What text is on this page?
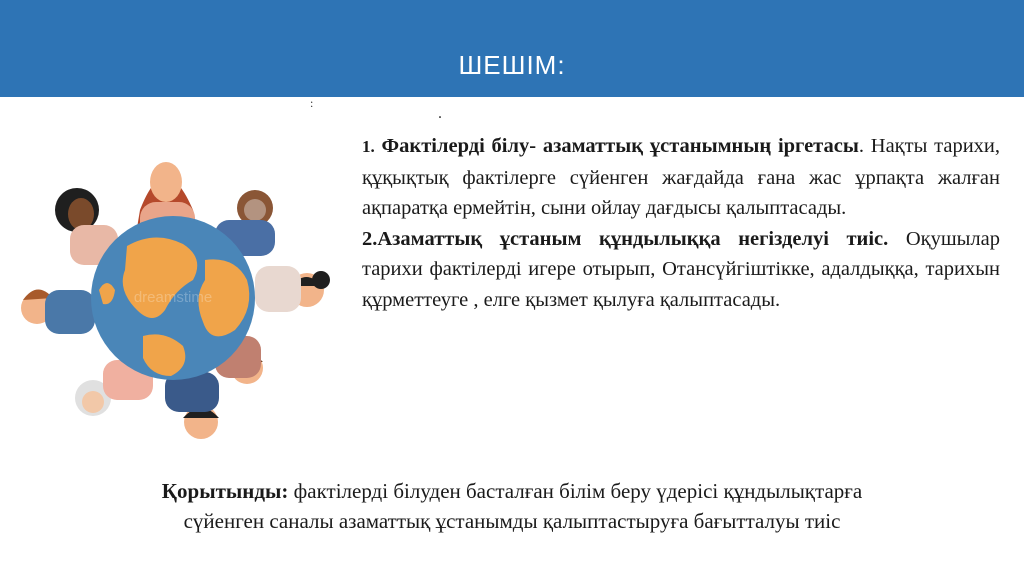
ШЕШІМ:
:
.
dreamstime

1. Фактілерді білу- азаматтық ұстанымның іргетасы. Нақты тарихи, құқықтық фактілерге сүйенген жағдайда ғана жас ұрпақта жалған ақпаратқа ермейтін, сыни ойлау дағдысы қалыптасады.

2.Азаматтық ұстаным құндылыққа негізделуі тиіс. Оқушылар тарихи фактілерді игере отырып, Отансүйгіштікке, адалдыққа, тарихын құрметтеуге , елге қызмет қылуға қалыптасады.

Қорытынды: фактілерді білуден басталған білім беру үдерісі құндылықтарға
сүйенген саналы азаматтық ұстанымды қалыптастыруға бағытталуы тиіс
